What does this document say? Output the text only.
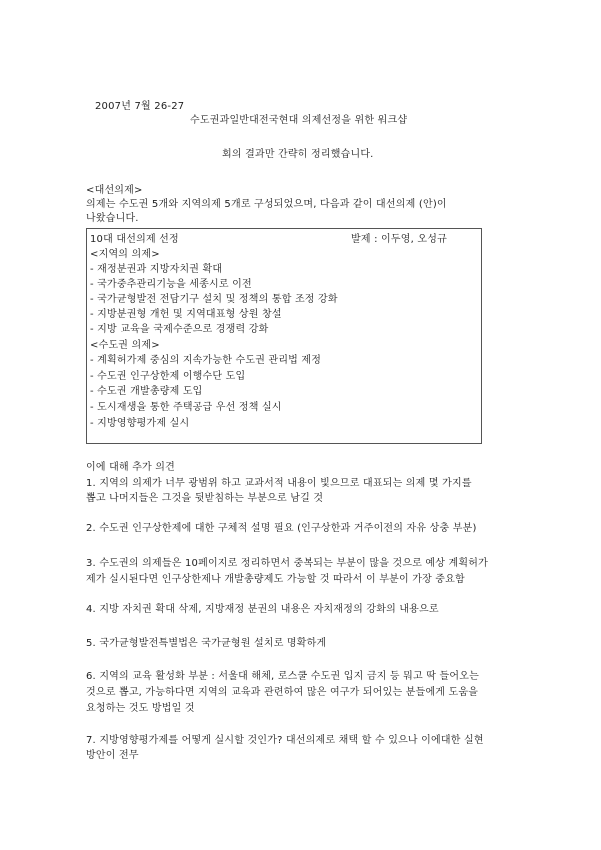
2007년 7월 26-27
수도권과일반대전국현대 의제선정을 위한 워크샵
회의 결과만 간략히 정리했습니다.
<대선의제>
의제는 수도권 5개와 지역의제 5개로 구성되었으며, 다음과 같이 대선의제 (안)이
나왔습니다.
10대 대선의제 선정	발제 : 이두영, 오성규
<지역의 의제>
- 재정분권과 지방자치권 확대
- 국가중추관리기능을 세종시로 이전
- 국가균형발전 전담기구 설치 및 정책의 통합 조정 강화
- 지방분권형 개헌 및 지역대표형 상원 창설
- 지방 교육을 국제수준으로 경쟁력 강화
<수도권 의제>
- 계획허가제 중심의 지속가능한 수도권 관리법 제정
- 수도권 인구상한제 이행수단 도입
- 수도권 개발총량제 도입
- 도시재생을 통한 주택공급 우선 정책 실시
- 지방영향평가제 실시
이에 대해 추가 의견
1. 지역의 의제가 너무 광범위 하고 교과서적 내용이 빛으므로 대표되는 의제 몇 가지를
뽑고 나머지들은 그것을 뒷받침하는 부분으로 남길 것
2. 수도권 인구상한제에 대한 구체적 설명 필요 (인구상한과 거주이전의 자유 상충 부분)
3. 수도권의 의제들은 10페이지로 정리하면서 중복되는 부분이 많을 것으로 예상 계획허가
제가 실시된다면 인구상한제나 개발총량제도 가능할 것 따라서 이 부분이 가장 중요함
4. 지방 자치권 확대 삭제, 지방재정 분권의 내용은 자치재정의 강화의 내용으로
5. 국가균형발전특별법은 국가균형원 설치로 명확하게
6. 지역의 교육 활성화 부분 : 서울대 해체, 로스쿨 수도권 입지 금지 등 뭐고 딱 들어오는
것으로 뽑고, 가능하다면 지역의 교육과 관련하여 많은 여구가 되어있는 분들에게 도움을
요청하는 것도 방법일 것
7. 지방영향평가제를 어떻게 실시할 것인가? 대선의제로 채택 할 수 있으나 이에대한 실현
방안이 전무
